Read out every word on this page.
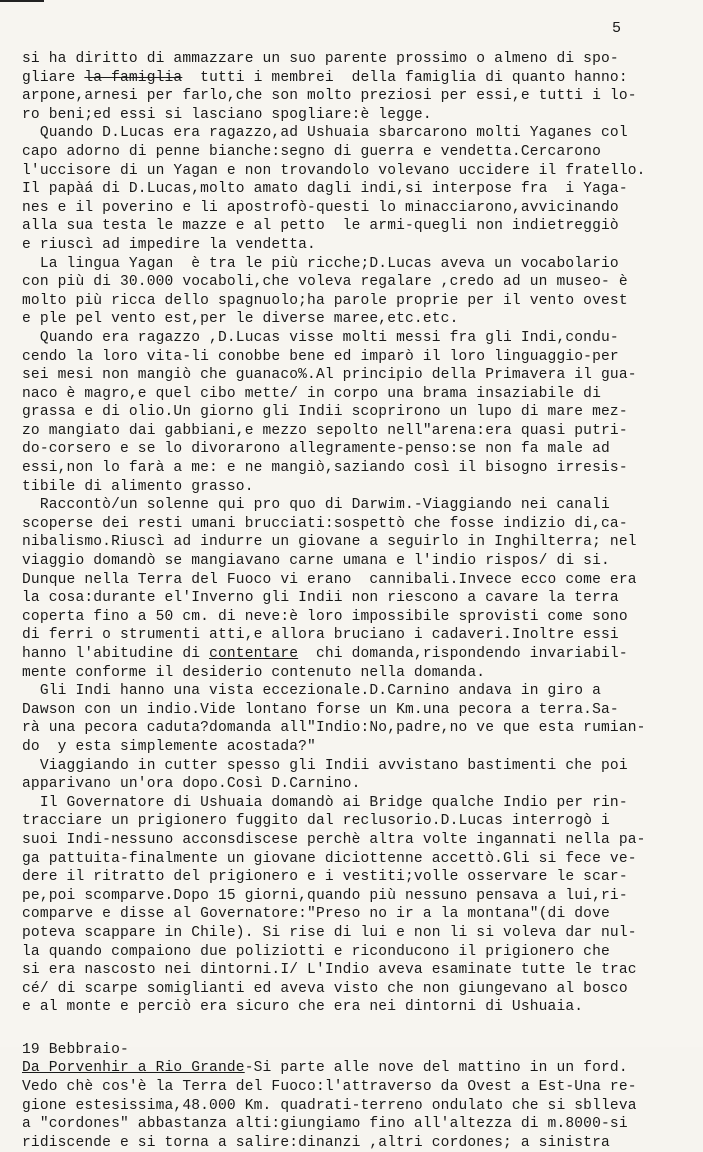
5
si ha diritto di ammazzare un suo parente prossimo o almeno di spo-
gliare la famiglia  tutti i membrei  della famiglia di quanto hanno:
arpone,arnesi per farlo,che son molto preziosi per essi,e tutti i lo-
ro beni;ed essi si lasciano spogliare:è legge.
Quando D.Lucas era ragazzo,ad Ushuaia sbarcarono molti Yaganes col
capo adorno di penne bianche:segno di guerra e vendetta.Cercarono
l'uccisore di un Yagan e non trovandolo volevano uccidere il fratello.
Il papàá di D.Lucas,molto amato dagli indi,si interpose fra  i Yaga-
nes e il poverino e li apostrofò-questi lo minacciarono,avvicinando
alla sua testa le mazze e al petto  le armi-quegli non indietreggiò
e riuscì ad impedire la vendetta.
La lingua Yagan  è tra le più ricche;D.Lucas aveva un vocabolario
con più di 30.000 vocaboli,che voleva regalare ,credo ad un museo- è
molto più ricca dello spagnuolo;ha parole proprie per il vento ovest
e ple pel vento est,per le diverse maree,etc.etc.
Quando era ragazzo ,D.Lucas visse molti messi fra gli Indi,condu-
cendo la loro vita-li conobbe bene ed imparò il loro linguaggio-per
sei mesi non mangiò che guanaco%.Al principio della Primavera il gua-
naco è magro,e quel cibo mette/ in corpo una brama insaziabile di
grassa e di olio.Un giorno gli Indii scoprirono un lupo di mare mez-
zo mangiato dai gabbiani,e mezzo sepolto nell"arena:era quasi putri-
do-corsero e se lo divorarono allegramente-penso:se non fa male ad
essi,non lo farà a me: e ne mangiò,saziando così il bisogno irresis-
tibile di alimento grasso.
Raccontò/un solenne qui pro quo di Darwim.-Viaggiando nei canali
scoperse dei resti umani brucciati:sospettò che fosse indizio di,ca-
nibalismo.Riuscì ad indurre un giovane a seguirlo in Inghilterra; nel
viaggio domandò se mangiavano carne umana e l'indio rispos/ di si.
Dunque nella Terra del Fuoco vi erano  cannibali.Invece ecco come era
la cosa:durante el'Inverno gli Indii non riescono a cavare la terra
coperta fino a 50 cm. di neve:è loro impossibile sprovisti come sono
di ferri o strumenti atti,e allora bruciano i cadaveri.Inoltre essi
hanno l'abitudine di contentare  chi domanda,rispondendo invariabil-
mente conforme il desiderio contenuto nella domanda.
Gli Indi hanno una vista eccezionale.D.Carnino andava in giro a
Dawson con un indio.Vide lontano forse un Km.una pecora a terra.Sa-
rà una pecora caduta?domanda all"Indio:No,padre,no ve que esta rumian-
do  y esta simplemente acostada?"
Viaggiando in cutter spesso gli Indii avvistano bastimenti che poi
apparivano un'ora dopo.Così D.Carnino.
Il Governatore di Ushuaia domandò ai Bridge qualche Indio per rin-
tracciare un prigionero fuggito dal reclusorio.D.Lucas interrogò i
suoi Indi-nessuno acconsdiscese perchè altra volte ingannati nella pa-
ga pattuita-finalmente un giovane diciottenne accettò.Gli si fece ve-
dere il ritratto del prigionero e i vestiti;volle osservare le scar-
pe,poi scomparve.Dopo 15 giorni,quando più nessuno pensava a lui,ri-
comparve e disse al Governatore:"Preso no ir a la montana"(di dove
poteva scappare in Chile). Si rise di lui e non li si voleva dar nul-
la quando compaiono due poliziotti e riconducono il prigionero che
si era nascosto nei dintorni.I/ L'Indio aveva esaminate tutte le trac
cé/ di scarpe somiglianti ed aveva visto che non giungevano al bosco
e al monte e perciò era sicuro che era nei dintorni di Ushuaia.
19 Bebbraio-
Da Porvenhir a Rio Grande-Si parte alle nove del mattino in un ford.
Vedo chè cos'è la Terra del Fuoco:l'attraverso da Ovest a Est-Una re-
gione estesissima,48.000 Km. quadrati-terreno ondulato che si sblleva
a "cordones" abbastanza alti:giungiamo fino all'altezza di m.8000-si
ridiscende e si torna a salire:dinanzi ,altri cordones; a sinistra
